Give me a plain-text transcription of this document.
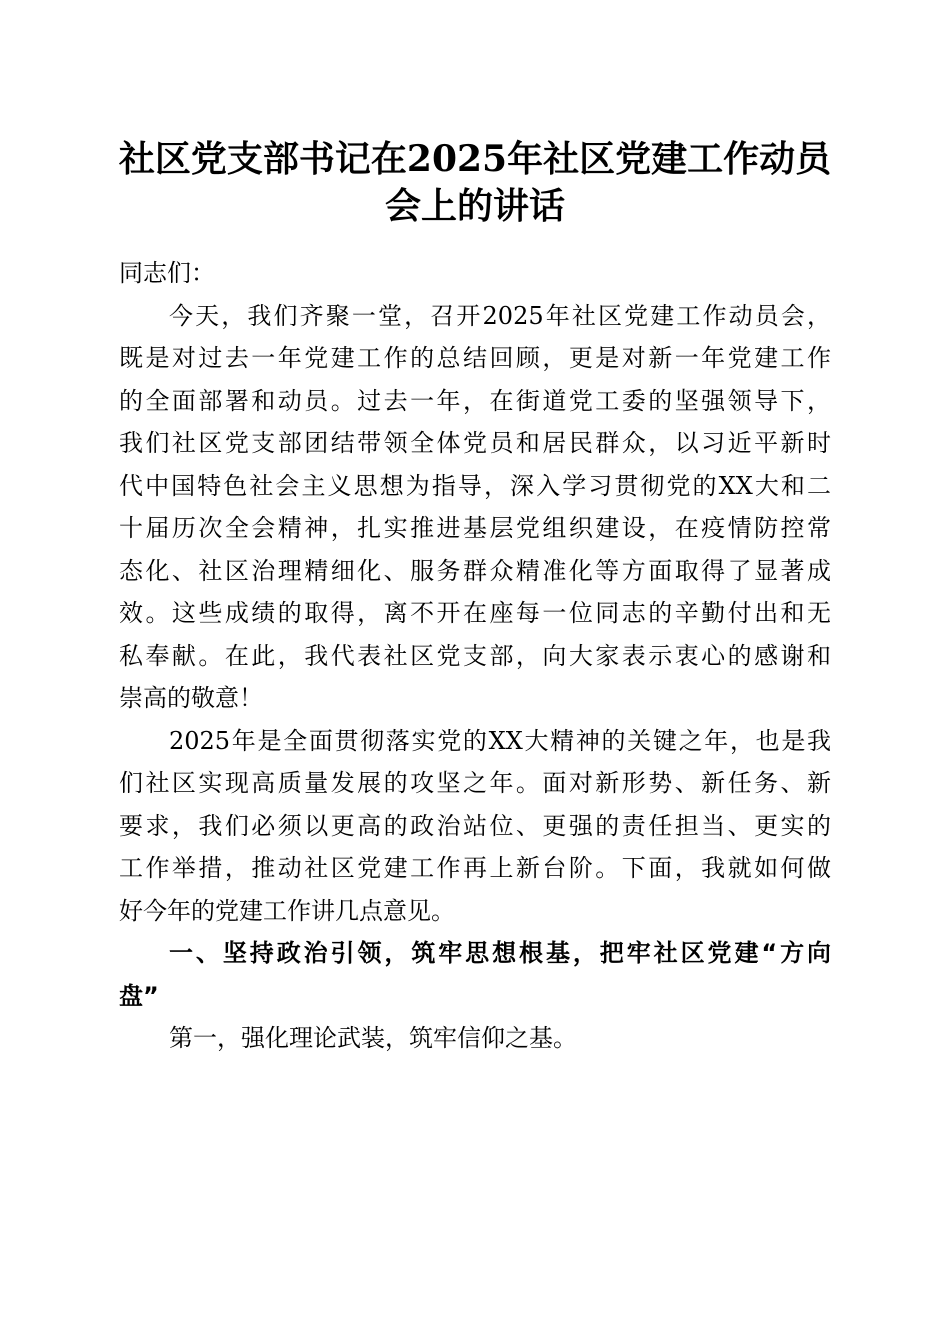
社区党支部书记在2025年社区党建工作动员
会上的讲话
同志们：
今天，我们齐聚一堂，召开2025年社区党建工作动员会，
既是对过去一年党建工作的总结回顾，更是对新一年党建工作
的全面部署和动员。过去一年，在街道党工委的坚强领导下，
我们社区党支部团结带领全体党员和居民群众，以习近平新时
代中国特色社会主义思想为指导，深入学习贯彻党的XX大和二
十届历次全会精神，扎实推进基层党组织建设，在疫情防控常
态化、社区治理精细化、服务群众精准化等方面取得了显著成
效。这些成绩的取得，离不开在座每一位同志的辛勤付出和无
私奉献。在此，我代表社区党支部，向大家表示衷心的感谢和
崇高的敬意！
2025年是全面贯彻落实党的XX大精神的关键之年，也是我
们社区实现高质量发展的攻坚之年。面对新形势、新任务、新
要求，我们必须以更高的政治站位、更强的责任担当、更实的
工作举措，推动社区党建工作再上新台阶。下面，我就如何做
好今年的党建工作讲几点意见。
一、坚持政治引领，筑牢思想根基，把牢社区党建“方向
盘”
第一，强化理论武装，筑牢信仰之基。
